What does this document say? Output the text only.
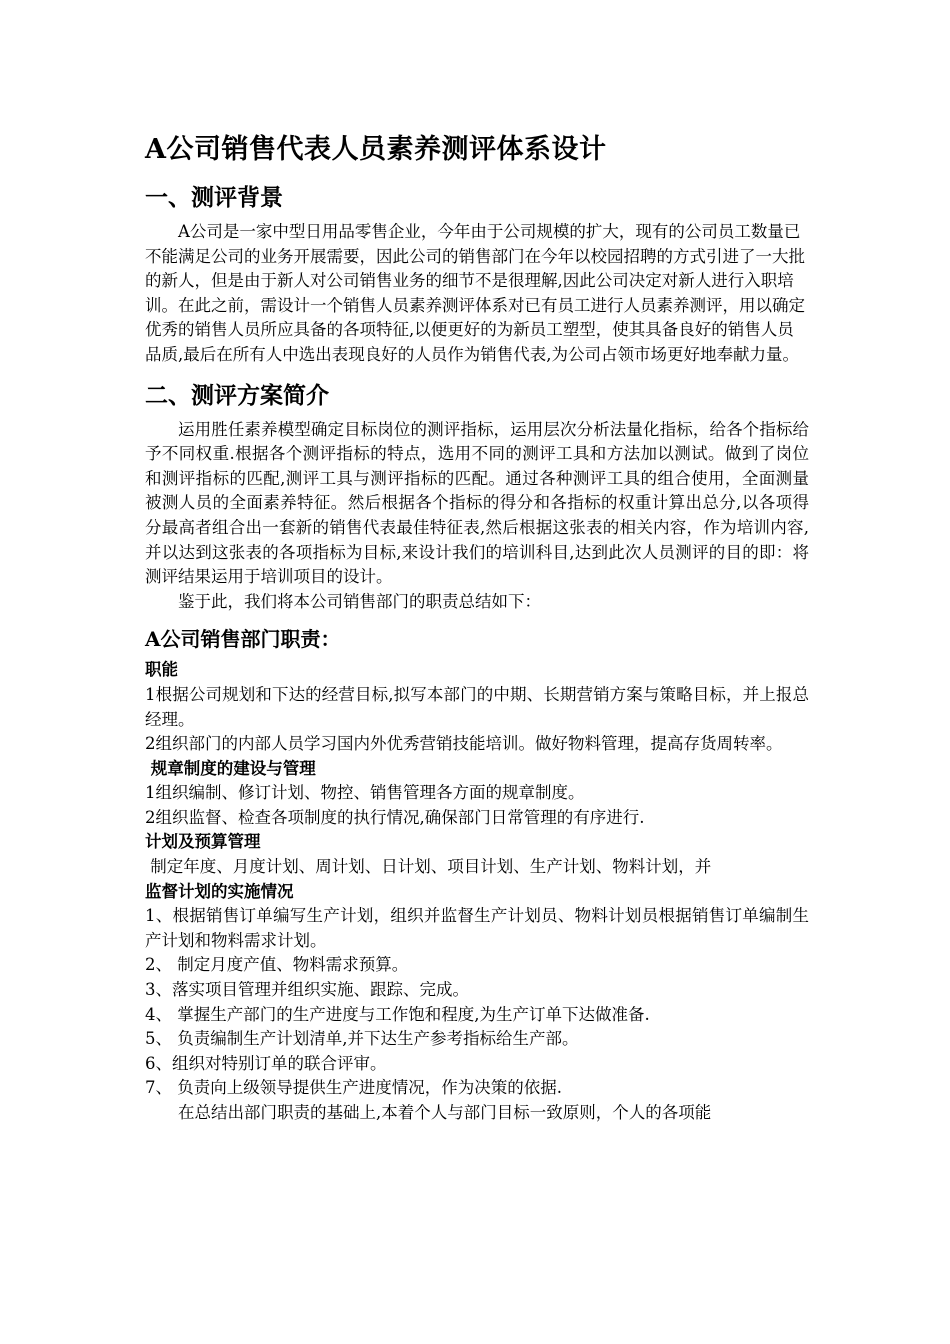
A公司销售代表人员素养测评体系设计
一、测评背景

A公司是一家中型日用品零售企业，今年由于公司规模的扩大，现有的公司员工数量已不能满足公司的业务开展需要，因此公司的销售部门在今年以校园招聘的方式引进了一大批的新人，但是由于新人对公司销售业务的细节不是很理解,因此公司决定对新人进行入职培训。在此之前，需设计一个销售人员素养测评体系对已有员工进行人员素养测评，用以确定优秀的销售人员所应具备的各项特征,以便更好的为新员工塑型，使其具备良好的销售人员品质,最后在所有人中选出表现良好的人员作为销售代表,为公司占领市场更好地奉献力量。

二、测评方案简介

运用胜任素养模型确定目标岗位的测评指标，运用层次分析法量化指标，给各个指标给予不同权重.根据各个测评指标的特点，选用不同的测评工具和方法加以测试。做到了岗位和测评指标的匹配,测评工具与测评指标的匹配。通过各种测评工具的组合使用，全面测量被测人员的全面素养特征。然后根据各个指标的得分和各指标的权重计算出总分,以各项得分最高者组合出一套新的销售代表最佳特征表,然后根据这张表的相关内容，作为培训内容,并以达到这张表的各项指标为目标,来设计我们的培训科目,达到此次人员测评的目的即：将测评结果运用于培训项目的设计。

鉴于此，我们将本公司销售部门的职责总结如下：

A公司销售部门职责：

职能

1根据公司规划和下达的经营目标,拟写本部门的中期、长期营销方案与策略目标，并上报总经理。

2组织部门的内部人员学习国内外优秀营销技能培训。做好物料管理，提高存货周转率。

规章制度的建设与管理

1组织编制、修订计划、物控、销售管理各方面的规章制度。

2组织监督、检查各项制度的执行情况,确保部门日常管理的有序进行.

计划及预算管理

制定年度、月度计划、周计划、日计划、项目计划、生产计划、物料计划，并

监督计划的实施情况

1、根据销售订单编写生产计划，组织并监督生产计划员、物料计划员根据销售订单编制生产计划和物料需求计划。

2、 制定月度产值、物料需求预算。

3、落实项目管理并组织实施、跟踪、完成。

4、 掌握生产部门的生产进度与工作饱和程度,为生产订单下达做准备.

5、 负责编制生产计划清单,并下达生产参考指标给生产部。

6、组织对特别订单的联合评审。

7、 负责向上级领导提供生产进度情况，作为决策的依据.

在总结出部门职责的基础上,本着个人与部门目标一致原则，个人的各项能
